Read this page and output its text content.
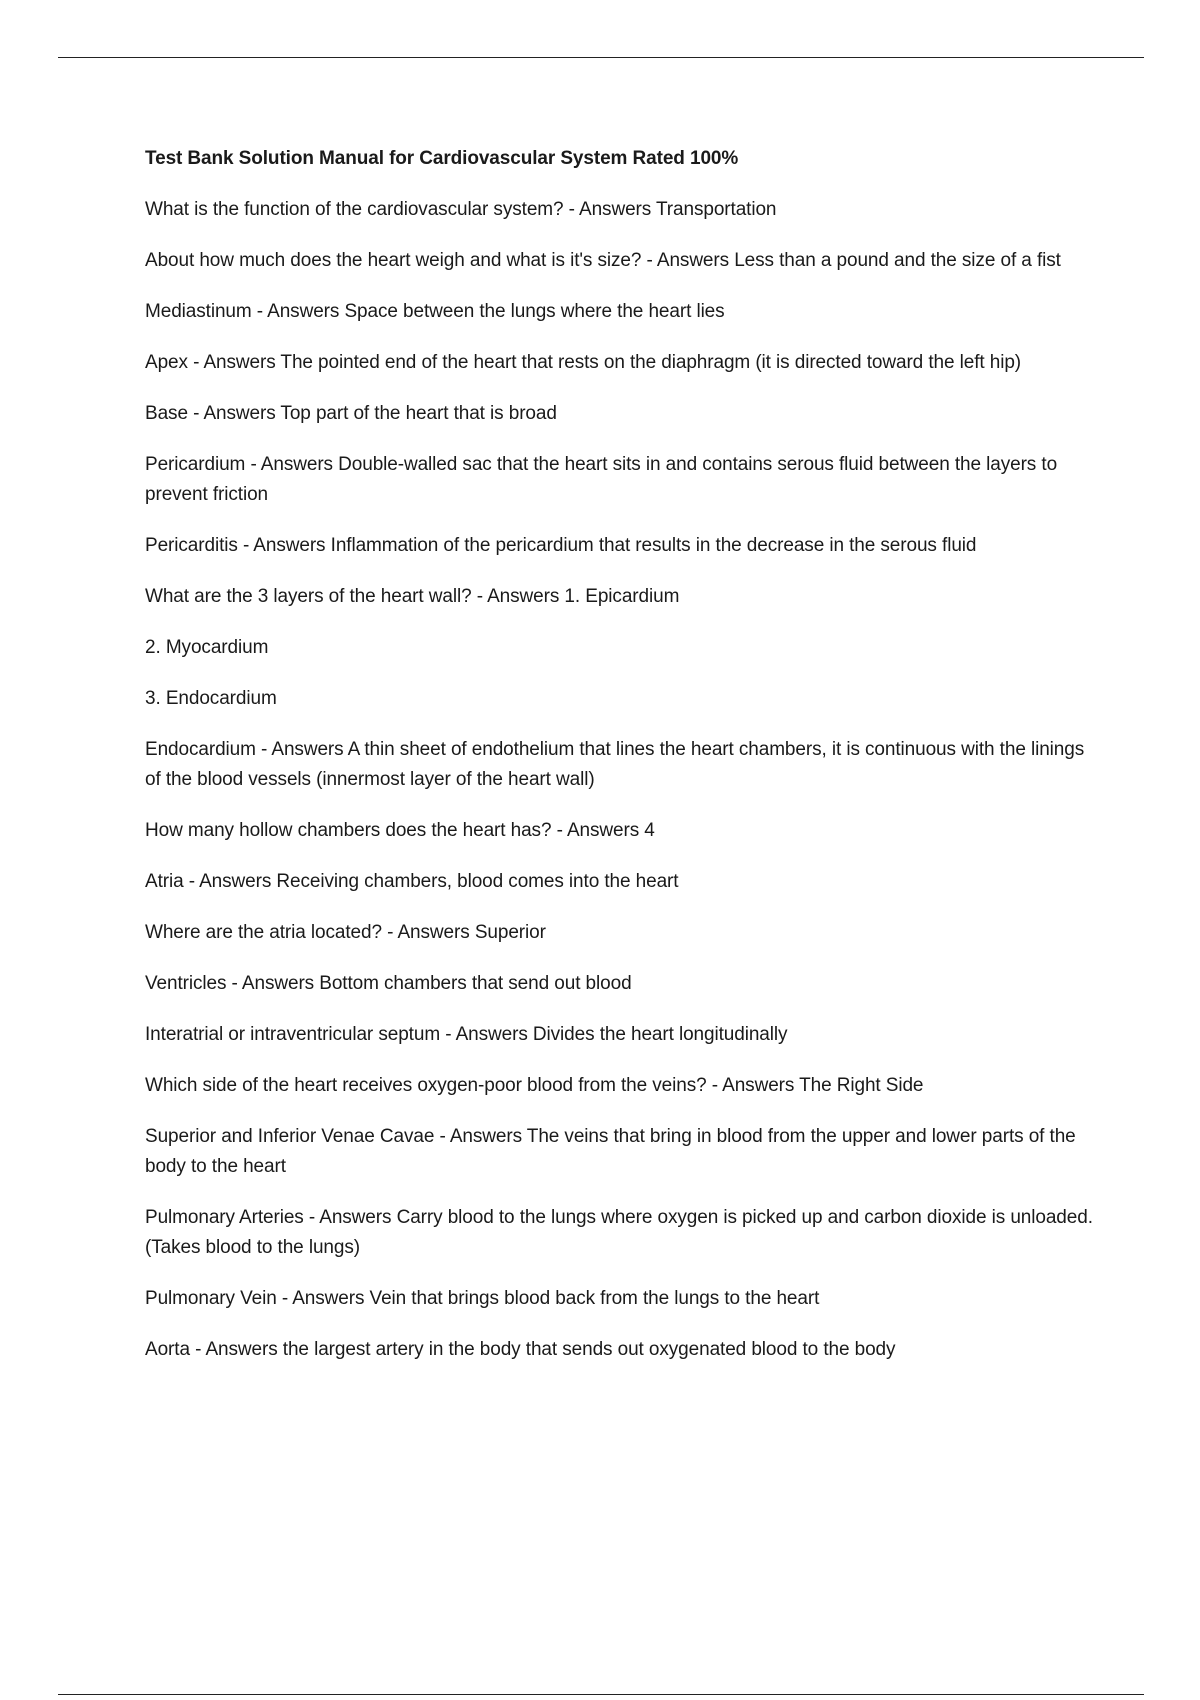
Test Bank Solution Manual for Cardiovascular System Rated 100%

What is the function of the cardiovascular system? - Answers Transportation

About how much does the heart weigh and what is it's size? - Answers Less than a pound and the size of a fist

Mediastinum - Answers Space between the lungs where the heart lies

Apex - Answers The pointed end of the heart that rests on the diaphragm (it is directed toward the left hip)

Base - Answers Top part of the heart that is broad

Pericardium - Answers Double-walled sac that the heart sits in and contains serous fluid between the layers to prevent friction

Pericarditis - Answers Inflammation of the pericardium that results in the decrease in the serous fluid

What are the 3 layers of the heart wall? - Answers 1. Epicardium

2. Myocardium

3. Endocardium

Endocardium - Answers A thin sheet of endothelium that lines the heart chambers, it is continuous with the linings of the blood vessels (innermost layer of the heart wall)

How many hollow chambers does the heart has? - Answers 4

Atria - Answers Receiving chambers, blood comes into the heart

Where are the atria located? - Answers Superior

Ventricles - Answers Bottom chambers that send out blood

Interatrial or intraventricular septum - Answers Divides the heart longitudinally

Which side of the heart receives oxygen-poor blood from the veins? - Answers The Right Side

Superior and Inferior Venae Cavae - Answers The veins that bring in blood from the upper and lower parts of the body to the heart

Pulmonary Arteries - Answers Carry blood to the lungs where oxygen is picked up and carbon dioxide is unloaded. (Takes blood to the lungs)

Pulmonary Vein - Answers Vein that brings blood back from the lungs to the heart

Aorta - Answers the largest artery in the body that sends out oxygenated blood to the body
